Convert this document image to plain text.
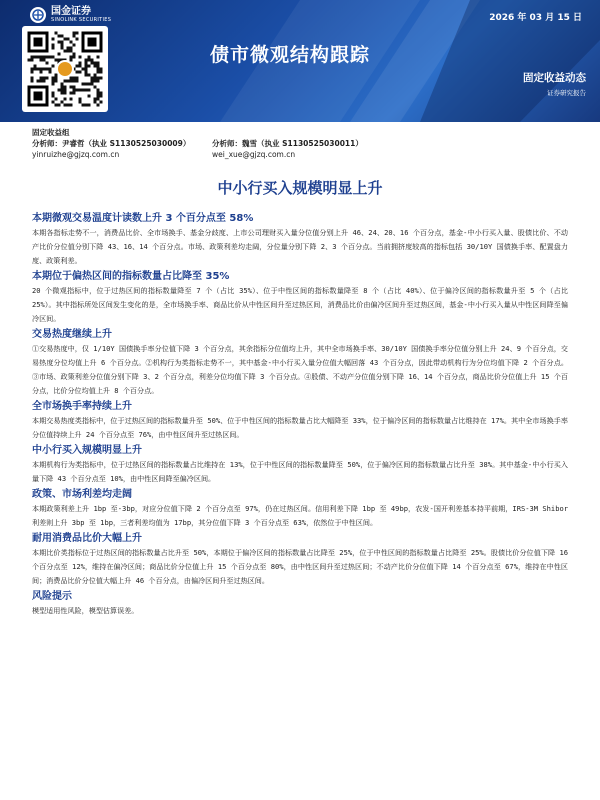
国金证券
SINOLINK SECURITIES	2026 年 03 月 15 日
债市微观结构跟踪
固定收益动态
证券研究报告
固定收益组
分析师：尹睿哲（执业 S1130525030009）
yinruizhe@gjzq.com.cn
分析师：魏雪（执业 S1130525030011）
wei_xue@gjzq.com.cn
中小行买入规模明显上升
本期微观交易温度计读数上升 3 个百分点至 58%
本期各指标走势不一，消费品比价、全市场换手、基金分歧度、上市公司理财买入量分位值分别上升 46、24、20、16 个百分点，基金-中小行买入量、股债比价、不动产比价分位值分别下降 43、16、14 个百分点。市场、政策利差均走阔，分位量分别下降 2、3 个百分点。当前拥挤度较高的指标包括 30/10Y 国债换手率、配置盘力度、政策利差。
本期位于偏热区间的指标数量占比降至 35%
20 个微观指标中，位于过热区间的指标数量降至 7 个（占比 35%）、位于中性区间的指标数量降至 8 个（占比 40%）、位于偏冷区间的指标数量升至 5 个（占比 25%）。其中指标所处区间发生变化的是，全市场换手率、商品比价从中性区间升至过热区间，消费品比价由偏冷区间升至过热区间，基金-中小行买入量从中性区间降至偏冷区间。
交易热度继续上升
①交易热度中，仅 1/10Y 国债换手率分位值下降 3 个百分点，其余指标分位值均上升，其中全市场换手率、30/10Y 国债换手率分位值分别上升 24、9 个百分点，交易热度分位均值上升 6 个百分点。②机构行为类指标走势不一，其中基金-中小行买入量分位值大幅回落 43 个百分点，因此带动机构行为分位均值下降 2 个百分点。③市场、政策利差分位值分别下降 3、2 个百分点，利差分位均值下降 3 个百分点。④股债、不动产分位值分别下降 16、14 个百分点，商品比价分位值上升 15 个百分点，比价分位均值上升 8 个百分点。
全市场换手率持续上升
本期交易热度类指标中，位于过热区间的指标数量升至 50%、位于中性区间的指标数量占比大幅降至 33%，位于偏冷区间的指标数量占比维持在 17%。其中全市场换手率分位值持续上升 24 个百分点至 76%，由中性区间升至过热区间。
中小行买入规模明显上升
本期机构行为类指标中，位于过热区间的指标数量占比维持在 13%，位于中性区间的指标数量降至 50%，位于偏冷区间的指标数量占比升至 38%。其中基金-中小行买入量下降 43 个百分点至 10%，由中性区间降至偏冷区间。
政策、市场利差均走阔
本期政策利差上升 1bp 至-3bp，对应分位值下降 2 个百分点至 97%，仍在过热区间。信用利差下降 1bp 至 49bp，农发-国开利差基本持平前期，IRS-3M Shibor 利差则上升 3bp 至 1bp，三者利差均值为 17bp，其分位值下降 3 个百分点至 63%，依然位于中性区间。
耐用消费品比价大幅上升
本期比价类指标位于过热区间的指标数量占比升至 50%，本期位于偏冷区间的指标数量占比降至 25%，位于中性区间的指标数量占比降至 25%。股债比价分位值下降 16 个百分点至 12%，维持在偏冷区间；商品比价分位值上升 15 个百分点至 80%，由中性区间升至过热区间；不动产比价分位值下降 14 个百分点至 67%，维持在中性区间；消费品比价分位值大幅上升 46 个百分点，由偏冷区间升至过热区间。
风险提示
模型适用性风险，模型估算误差。
